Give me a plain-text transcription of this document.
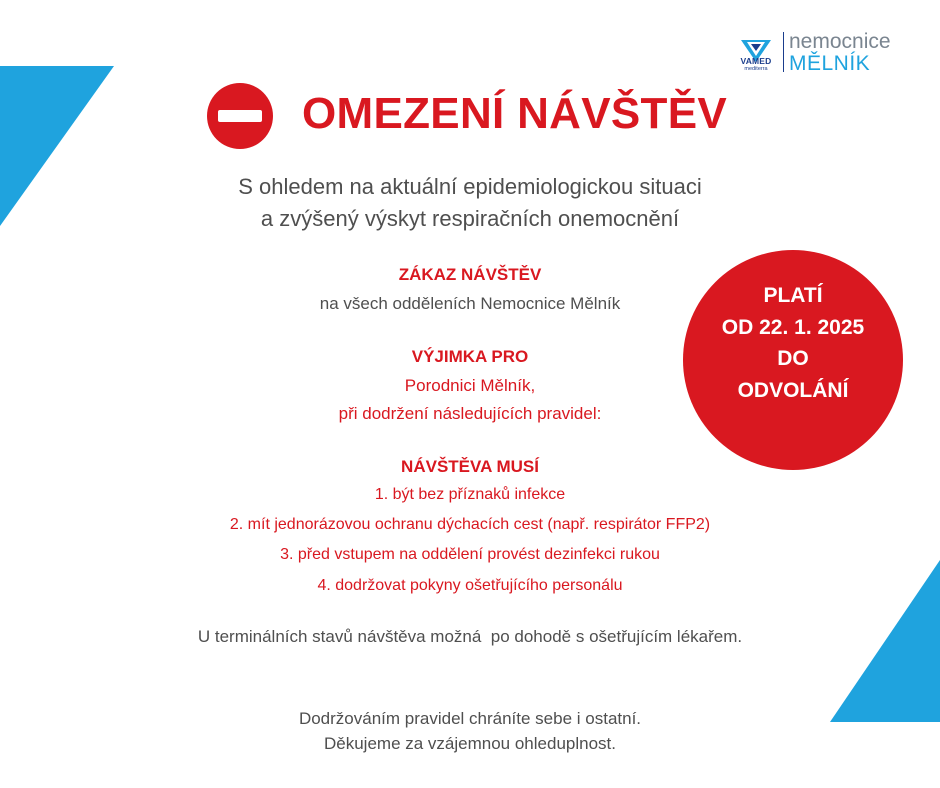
VAMED
mediterra
nemocnice
MĚLNÍK
OMEZENÍ NÁVŠTĚV
S ohledem na aktuální epidemiologickou situaci
a zvýšený výskyt respiračních onemocnění
ZÁKAZ NÁVŠTĚV
na všech odděleních Nemocnice Mělník
VÝJIMKA PRO
Porodnici Mělník,
při dodržení následujících pravidel:
PLATÍ
OD 22. 1. 2025
DO
ODVOLÁNÍ
NÁVŠTĚVA MUSÍ
1. být bez příznaků infekce
2. mít jednorázovou ochranu dýchacích cest (např. respirátor FFP2)
3. před vstupem na oddělení provést dezinfekci rukou
4. dodržovat pokyny ošetřujícího personálu
U terminálních stavů návštěva možná  po dohodě s ošetřujícím lékařem.
Dodržováním pravidel chráníte sebe i ostatní.
Děkujeme za vzájemnou ohleduplnost.
